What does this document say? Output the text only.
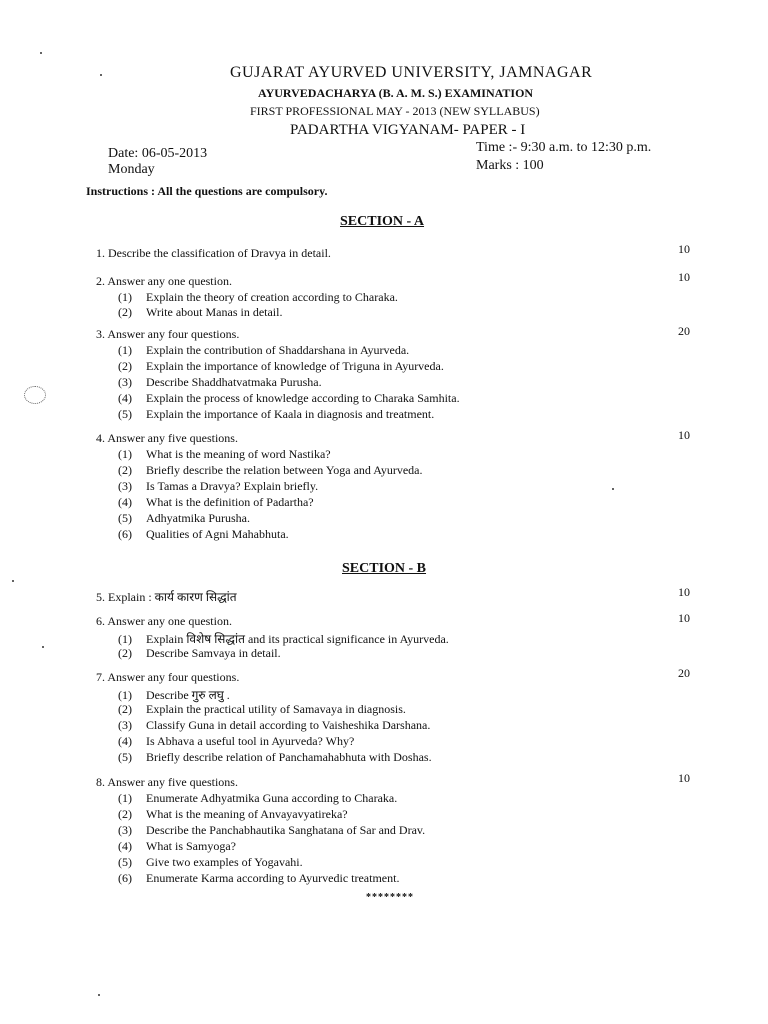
GUJARAT AYURVED UNIVERSITY, JAMNAGAR
AYURVEDACHARYA (B. A. M. S.) EXAMINATION
FIRST PROFESSIONAL MAY - 2013 (NEW SYLLABUS)
PADARTHA VIGYANAM- PAPER - I
Date: 06-05-2013
Monday
Time :- 9:30 a.m. to 12:30 p.m.
Marks : 100
Instructions : All the questions are compulsory.
SECTION - A
1. Describe the classification of Dravya in detail.	10
2. Answer any one question.	10
(1) Explain the theory of creation according to Charaka.
(2) Write about Manas in detail.
3. Answer any four questions.	20
(1) Explain the contribution of Shaddarshana in Ayurveda.
(2) Explain the importance of knowledge of Triguna in Ayurveda.
(3) Describe Shaddhatvatmaka Purusha.
(4) Explain the process of knowledge according to Charaka Samhita.
(5) Explain the importance of Kaala in diagnosis and treatment.
4. Answer any five questions.	10
(1) What is the meaning of word Nastika?
(2) Briefly describe the relation between Yoga and Ayurveda.
(3) Is Tamas a Dravya? Explain briefly.
(4) What is the definition of Padartha?
(5) Adhyatmika Purusha.
(6) Qualities of Agni Mahabhuta.
SECTION - B
5. Explain : कार्य कारण सिद्धांत	10
6. Answer any one question.	10
(1) Explain विशेष सिद्धांत and its practical significance in Ayurveda.
(2) Describe Samvaya in detail.
7. Answer any four questions.	20
(1) Describe गुरु लघु .
(2) Explain the practical utility of Samavaya in diagnosis.
(3) Classify Guna in detail according to Vaisheshika Darshana.
(4) Is Abhava a useful tool in Ayurveda? Why?
(5) Briefly describe relation of Panchamahabhuta with Doshas.
8. Answer any five questions.	10
(1) Enumerate Adhyatmika Guna according to Charaka.
(2) What is the meaning of Anvayavyatireka?
(3) Describe the Panchabhautika Sanghatana of Sar and Drav.
(4) What is Samyoga?
(5) Give two examples of Yogavahi.
(6) Enumerate Karma according to Ayurvedic treatment.
********
